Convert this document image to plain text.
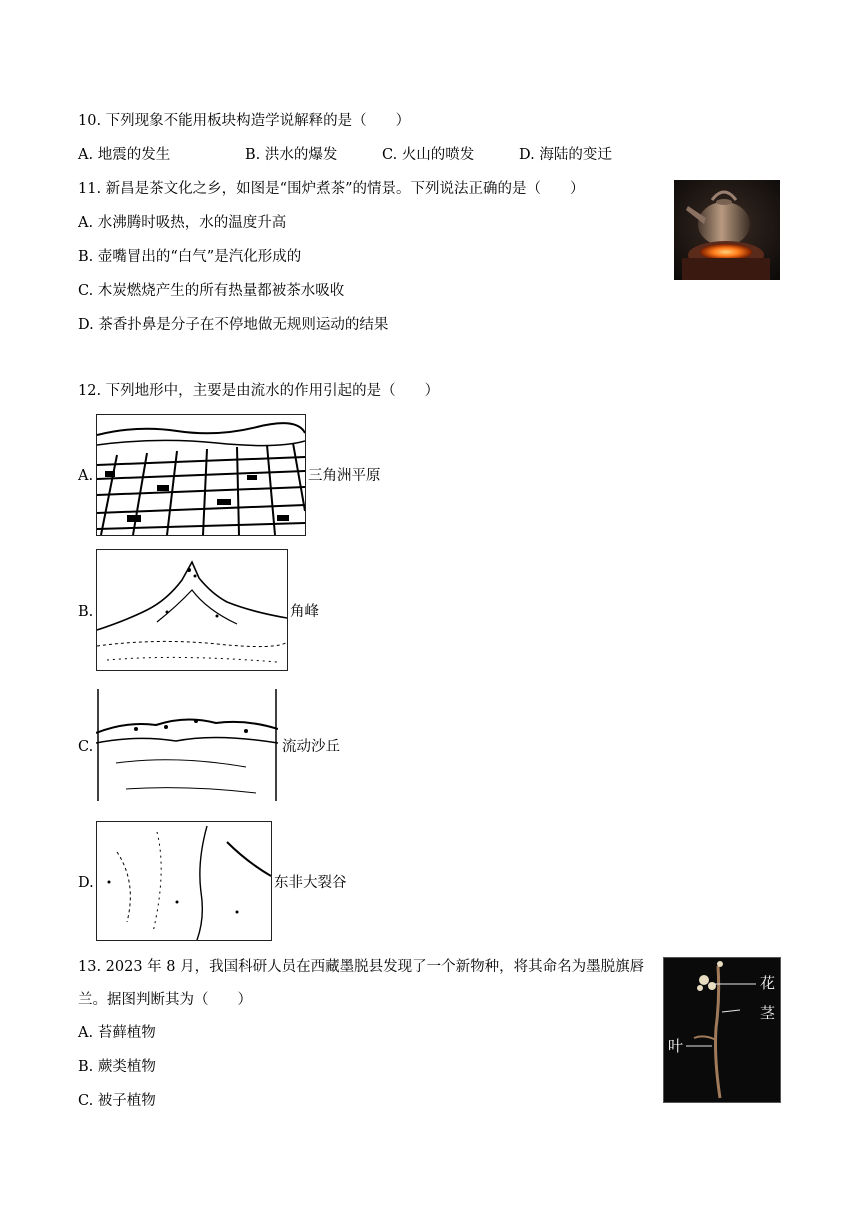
10. 下列现象不能用板块构造学说解释的是（　　）
A. 地震的发生	B. 洪水的爆发	C. 火山的喷发	D. 海陆的变迁
11. 新昌是茶文化之乡，如图是“围炉煮茶”的情景。下列说法正确的是（　　）
A. 水沸腾时吸热，水的温度升高
B. 壶嘴冒出的“白气”是汽化形成的
C. 木炭燃烧产生的所有热量都被茶水吸收
D. 茶香扑鼻是分子在不停地做无规则运动的结果
12. 下列地形中，主要是由流水的作用引起的是（　　）
A.	三角洲平原
B.	角峰
C.	流动沙丘
D.	东非大裂谷
13. 2023 年 8 月，我国科研人员在西藏墨脱县发现了一个新物种，将其命名为墨脱旗唇
兰。据图判断其为（　　）
A. 苔藓植物
B. 蕨类植物
C. 被子植物
花
茎
叶
